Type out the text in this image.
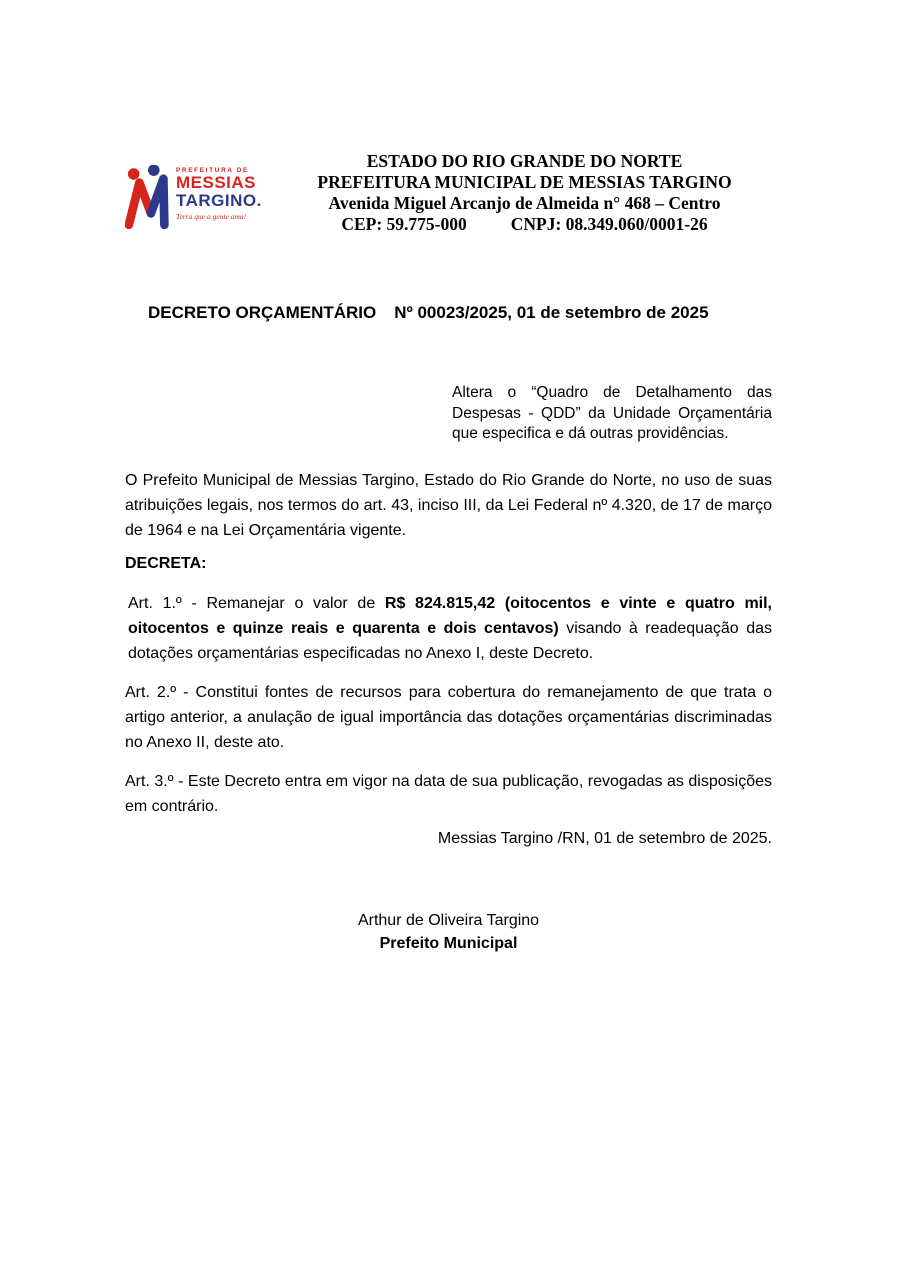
PREFEITURA DE
MESSIAS
TARGINO.
Terra que a gente ama!
ESTADO DO RIO GRANDE DO NORTE
PREFEITURA MUNICIPAL DE MESSIAS TARGINO
Avenida Miguel Arcanjo de Almeida n° 468 – Centro
CEP: 59.775-000	CNPJ: 08.349.060/0001-26
DECRETO ORÇAMENTÁRIO Nº 00023/2025, 01 de setembro de 2025

Altera o “Quadro de Detalhamento das Despesas - QDD” da Unidade Orçamentária que especifica e dá outras providências.

O Prefeito Municipal de Messias Targino, Estado do Rio Grande do Norte, no uso de suas atribuições legais, nos termos do art. 43, inciso III, da Lei Federal nº 4.320, de 17 de março de 1964 e na Lei Orçamentária vigente.

DECRETA:

Art. 1.º - Remanejar o valor de R$ 824.815,42 (oitocentos e vinte e quatro mil, oitocentos e quinze reais e quarenta e dois centavos) visando à readequação das dotações orçamentárias especificadas no Anexo I, deste Decreto.

Art. 2.º - Constitui fontes de recursos para cobertura do remanejamento de que trata o artigo anterior, a anulação de igual importância das dotações orçamentárias discriminadas no Anexo II, deste ato.

Art. 3.º - Este Decreto entra em vigor na data de sua publicação, revogadas as disposições em contrário.

Messias Targino /RN, 01 de setembro de 2025.

Arthur de Oliveira Targino
Prefeito Municipal
